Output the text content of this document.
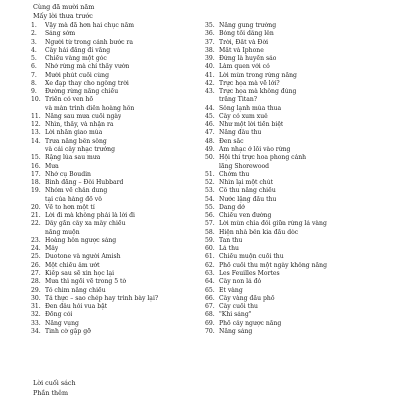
Cùng đã mười năm
Mấy lời thưa trước
1.	Vậy mà đã hơn hai chục năm
2.	Sáng sớm
3.	Người từ trong cảnh bước ra
4.	Cây hải đăng đi vắng
5.	Chiều vàng một góc
6.	Nhớ rừng mà chỉ thấy vườn
7.	Mười phút cuối cùng
8.	Xe đạp thay cho ngông trời
9.	Đường rừng nắng chiều
10. Triền cỏ ven hồ
và màn trình diễn hoàng hôn
11. Nắng sau mưa cuối ngày
12. Nhìn, thấy, và nhận ra
13. Lời nhắn giao mùa
14. Trưa nắng bên sông
và cái cây nhạc trưởng
15. Rặng lúa sau mưa
16. Mưa
17. Nhớ cụ Boudin
18. Bình đẳng – Đôi Hubbard
19. Nhóm về chân dung
tại của hàng đồ vô
20. Về to hơn một tí
21. Lời đi mà không phải là lời đi
22. Dây gần cây xa mây chiều
nắng muộn
23. Hoàng hôn ngược sáng
24. Mây
25. Duotone và người Amish
26. Một chiều âm ướt
27. Kiếp sau sẽ xin học lại
28. Mưa thì ngồi vẽ trong 5 tờ
29. Tô chim nắng chiều
30. Tả thực – sao chép hay trình bày lại?
31. Đen đâu hỏi vua bật
32. Đồng cói
33. Nắng vụng
34. Tình cờ gặp gỡ
35. Nắng gung trường
36. Bóng tối dâng lên
37. Trời, Đất và Đời
38. Mất và Iphone
39. Đứng là huyền sảo
40. Làm quen với cỏ
41. Lời mùn trong rừng nắng
42. Trực họa mà vẽ lởi?
43. Trực họa mà không đúng
trắng Titan?
44. Sông lạnh mùa thua
45. Cây cỏ xum xuê
46. Như một lời tiền biệt
47. Nắng đâu thu
48. Đen sắc
49. Âm nhạc ở lối vào rừng
50. Hội thi trực hoa phong cảnh
lãng Shorewood
51. Chớm thu
52. Nhìn lại một chút
53. Cô thu nắng chiều
54. Nước lặng đầu thu
55. Dang dở
56. Chiều ven đường
57. Lời mùn chìa đôi giữa rừng lá vàng
58. Hiện nhà bên kia đầu dòc
59. Tan thu
60. Lá thu
61. Chiều muộn cuối thu
62. Phố cuối thu một ngày không nắng
63. Les Feuilles Mortes
64. Cây non lá đỏ
65. Ét vàng
66. Cây vàng đầu phố
67. Cây cuối thu
68. "Khi sáng"
69. Phố cây ngược nắng
70. Nắng sáng
Lời cuối sách
Phần thêm
